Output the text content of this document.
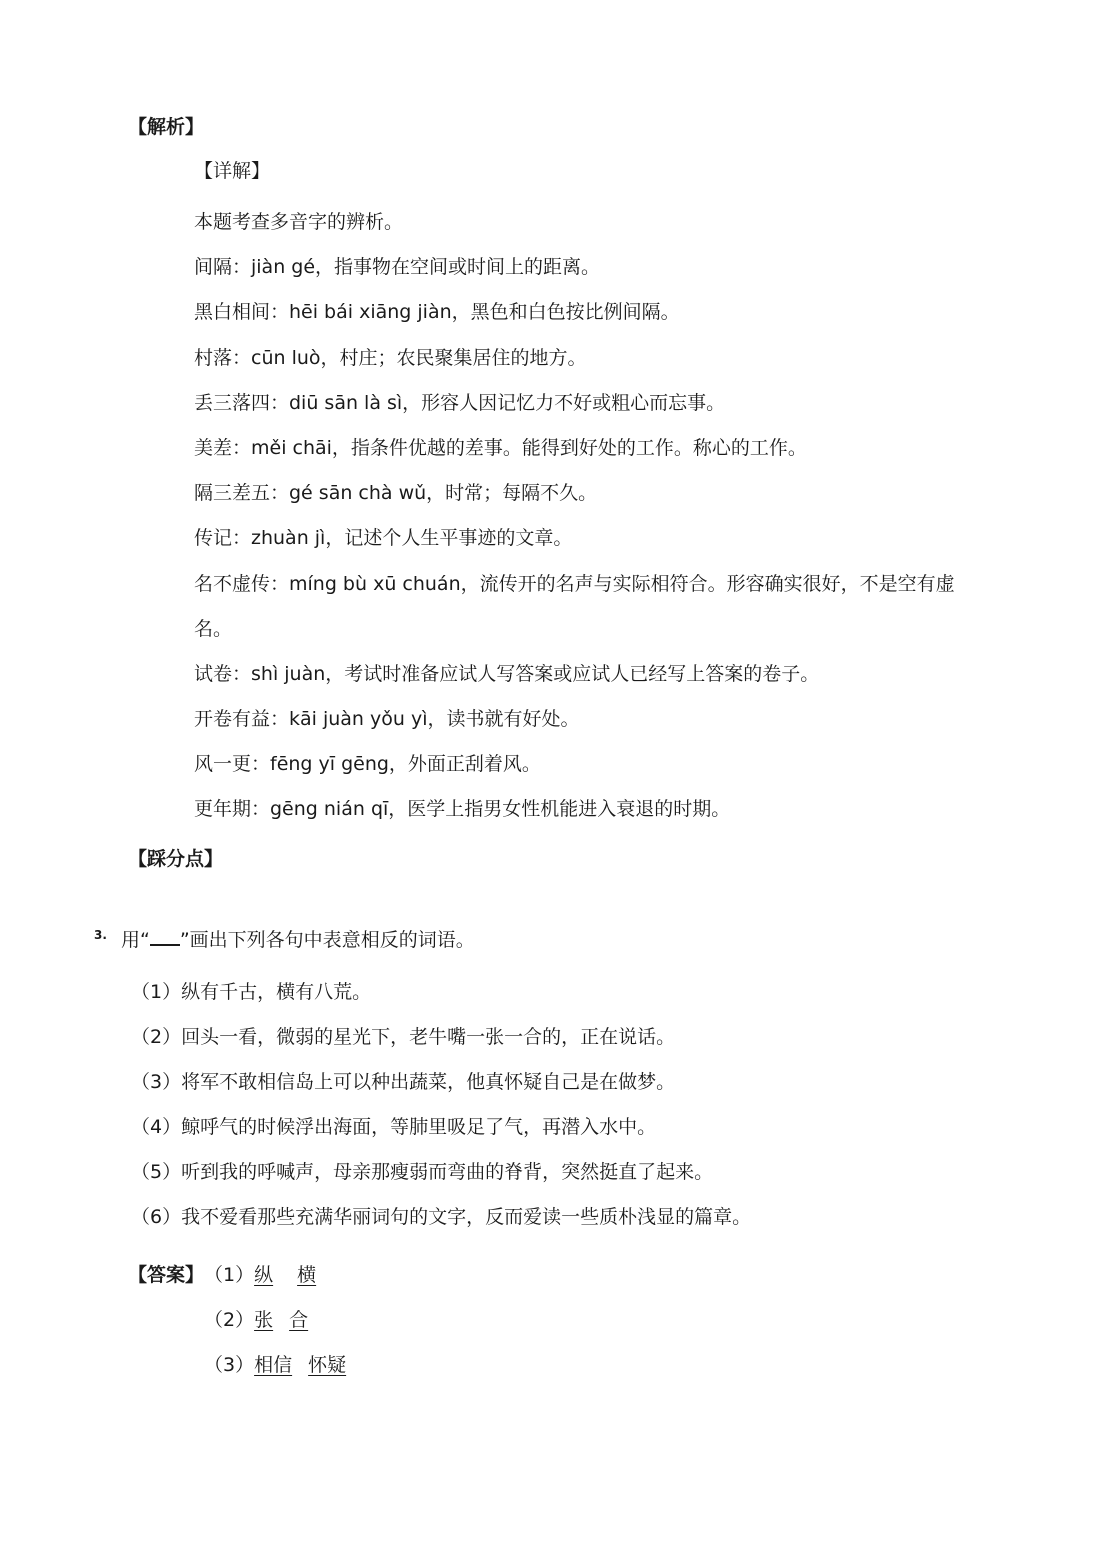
【解析】
【详解】
本题考查多音字的辨析。
间隔：jiàn gé，指事物在空间或时间上的距离。
黑白相间：hēi bái xiāng jiàn，黑色和白色按比例间隔。
村落：cūn luò，村庄；农民聚集居住的地方。
丢三落四：diū sān là sì，形容人因记忆力不好或粗心而忘事。
美差：měi chāi，指条件优越的差事。能得到好处的工作。称心的工作。
隔三差五：gé sān chà wǔ，时常；每隔不久。
传记：zhuàn jì，记述个人生平事迹的文章。
名不虚传：míng bù xū chuán，流传开的名声与实际相符合。形容确实很好，不是空有虚
名。
试卷：shì juàn，考试时准备应试人写答案或应试人已经写上答案的卷子。
开卷有益：kāi juàn yǒu yì，读书就有好处。
风一更：fēng yī gēng，外面正刮着风。
更年期：gēng nián qī，医学上指男女性机能进入衰退的时期。
【踩分点】
3. 用“ ”画出下列各句中表意相反的词语。
（1）纵有千古，横有八荒。
（2）回头一看，微弱的星光下，老牛嘴一张一合的，正在说话。
（3）将军不敢相信岛上可以种出蔬菜，他真怀疑自己是在做梦。
（4）鲸呼气的时候浮出海面，等肺里吸足了气，再潜入水中。
（5）听到我的呼喊声，母亲那瘦弱而弯曲的脊背，突然挺直了起来。
（6）我不爱看那些充满华丽词句的文字，反而爱读一些质朴浅显的篇章。
【答案】 （1）纵 横
（2）张 合
（3）相信 怀疑
